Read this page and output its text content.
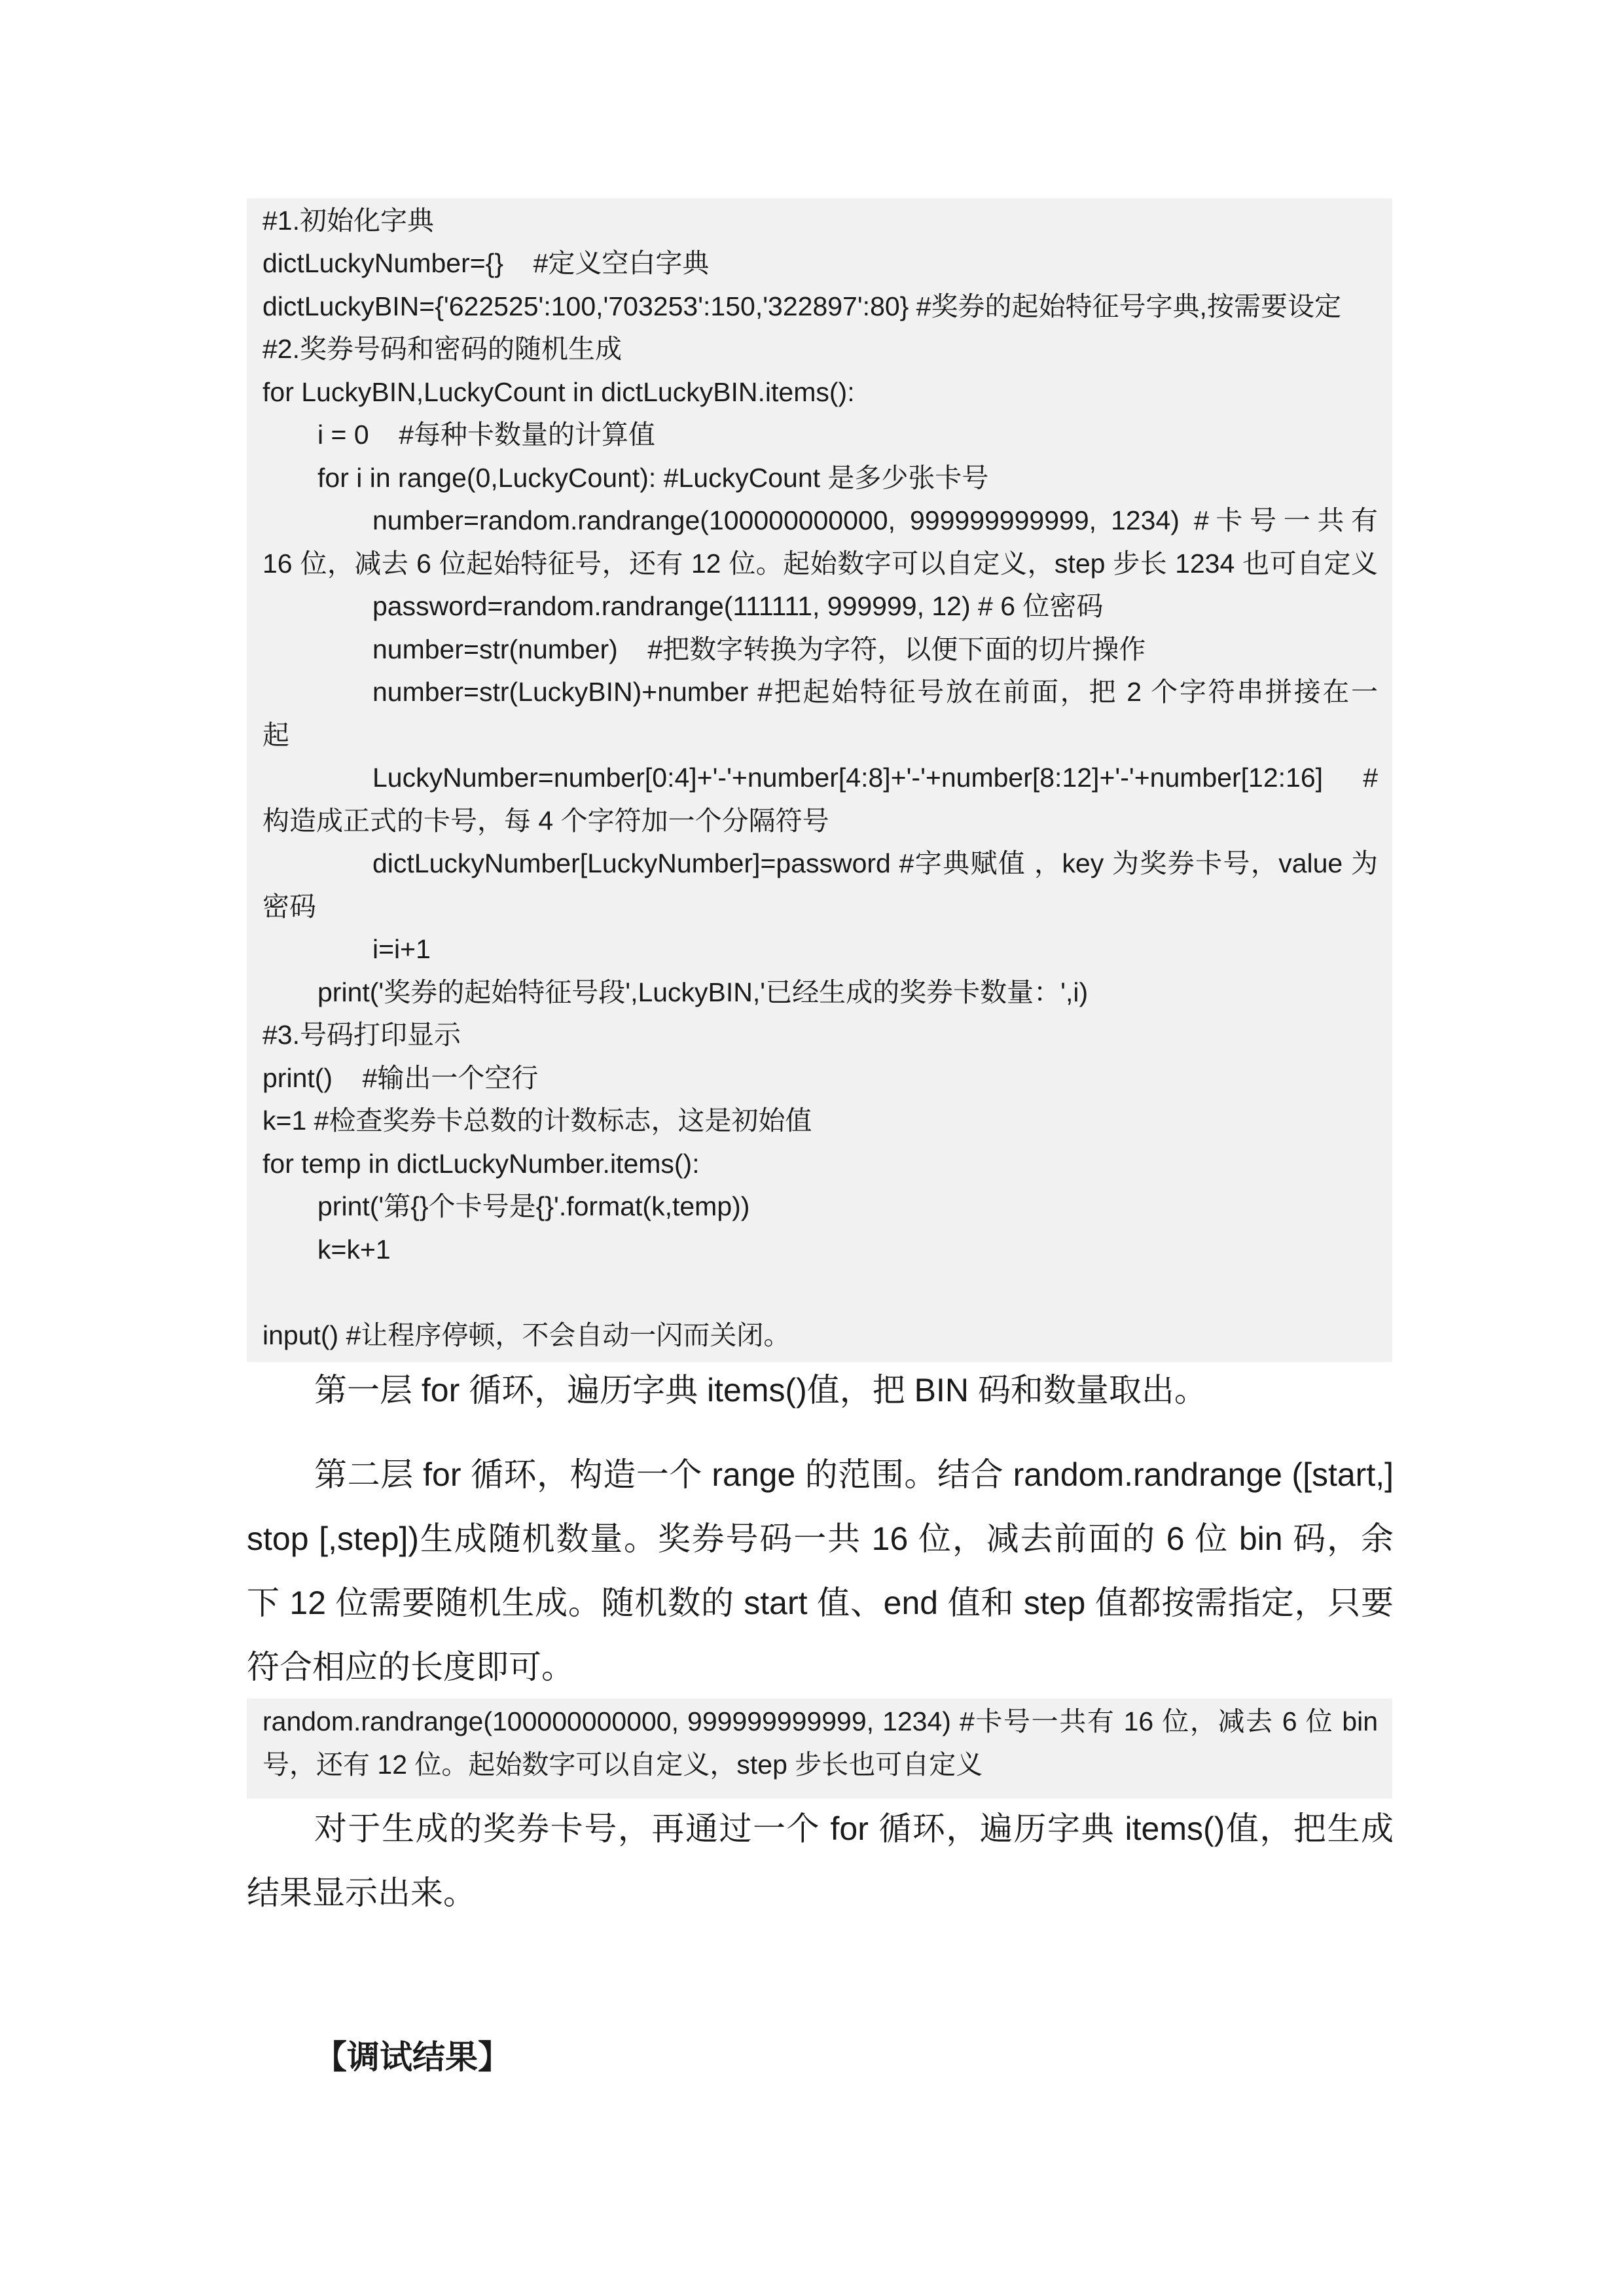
#1.初始化字典
dictLuckyNumber={}    #定义空白字典
dictLuckyBIN={'622525':100,'703253':150,'322897':80} #奖券的起始特征号字典,按需要设定
#2.奖券号码和密码的随机生成
for LuckyBIN,LuckyCount in dictLuckyBIN.items():
i = 0    #每种卡数量的计算值
for i in range(0,LuckyCount): #LuckyCount 是多少张卡号
number=random.randrange(100000000000, 999999999999, 1234) #卡号一共有
16 位，减去 6 位起始特征号，还有 12 位。起始数字可以自定义，step 步长 1234 也可自定义
password=random.randrange(111111, 999999, 12) # 6 位密码
number=str(number)    #把数字转换为字符，以便下面的切片操作
number=str(LuckyBIN)+number #把起始特征号放在前面，把 2 个字符串拼接在一
起
LuckyNumber=number[0:4]+'-'+number[4:8]+'-'+number[8:12]+'-'+number[12:16] #
构造成正式的卡号，每 4 个字符加一个分隔符号
dictLuckyNumber[LuckyNumber]=password #字典赋值 ，key 为奖券卡号，value 为
密码
i=i+1
print('奖券的起始特征号段',LuckyBIN,'已经生成的奖券卡数量：',i)
#3.号码打印显示
print()    #输出一个空行
k=1 #检查奖券卡总数的计数标志，这是初始值
for temp in dictLuckyNumber.items():
print('第{}个卡号是{}'.format(k,temp))
k=k+1
input() #让程序停顿，不会自动一闪而关闭。
第一层 for 循环，遍历字典 items()值，把 BIN 码和数量取出。
第二层 for 循环，构造一个 range 的范围。结合 random.randrange ([start,]
stop [,step])生成随机数量。奖券号码一共 16 位，减去前面的 6 位 bin 码，余
下 12 位需要随机生成。随机数的 start 值、end 值和 step 值都按需指定，只要
符合相应的长度即可。
random.randrange(100000000000, 999999999999, 1234) #卡号一共有 16 位，减去 6 位 bin
号，还有 12 位。起始数字可以自定义，step 步长也可自定义
对于生成的奖券卡号，再通过一个 for 循环，遍历字典 items()值，把生成
结果显示出来。
【调试结果】
